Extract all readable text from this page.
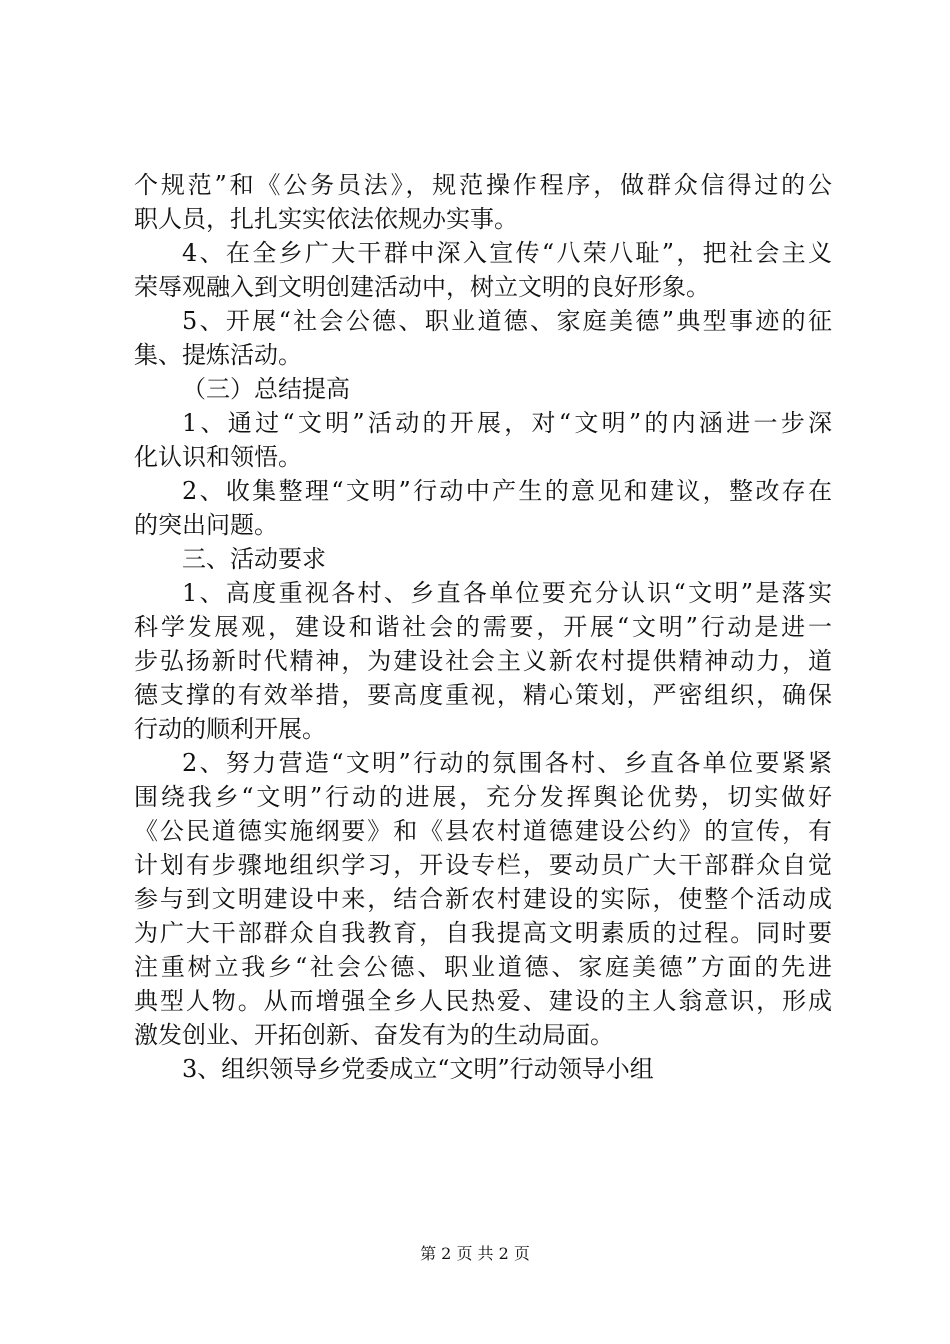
个规范”和《公务员法》，规范操作程序，做群众信得过的公
职人员，扎扎实实依法依规办实事。
4、在全乡广大干群中深入宣传“八荣八耻”，把社会主义
荣辱观融入到文明创建活动中，树立文明的良好形象。
5、开展“社会公德、职业道德、家庭美德”典型事迹的征
集、提炼活动。
（三）总结提高
1、通过“文明”活动的开展，对“文明”的内涵进一步深
化认识和领悟。
2、收集整理“文明”行动中产生的意见和建议，整改存在
的突出问题。
三、活动要求
1、高度重视各村、乡直各单位要充分认识“文明”是落实
科学发展观，建设和谐社会的需要，开展“文明”行动是进一
步弘扬新时代精神，为建设社会主义新农村提供精神动力，道
德支撑的有效举措，要高度重视，精心策划，严密组织，确保
行动的顺利开展。
2、努力营造“文明”行动的氛围各村、乡直各单位要紧紧
围绕我乡“文明”行动的进展，充分发挥舆论优势，切实做好
《公民道德实施纲要》和《县农村道德建设公约》的宣传，有
计划有步骤地组织学习，开设专栏，要动员广大干部群众自觉
参与到文明建设中来，结合新农村建设的实际，使整个活动成
为广大干部群众自我教育，自我提高文明素质的过程。同时要
注重树立我乡“社会公德、职业道德、家庭美德”方面的先进
典型人物。从而增强全乡人民热爱、建设的主人翁意识，形成
激发创业、开拓创新、奋发有为的生动局面。
3、组织领导乡党委成立“文明”行动领导小组
第 2 页 共 2 页
